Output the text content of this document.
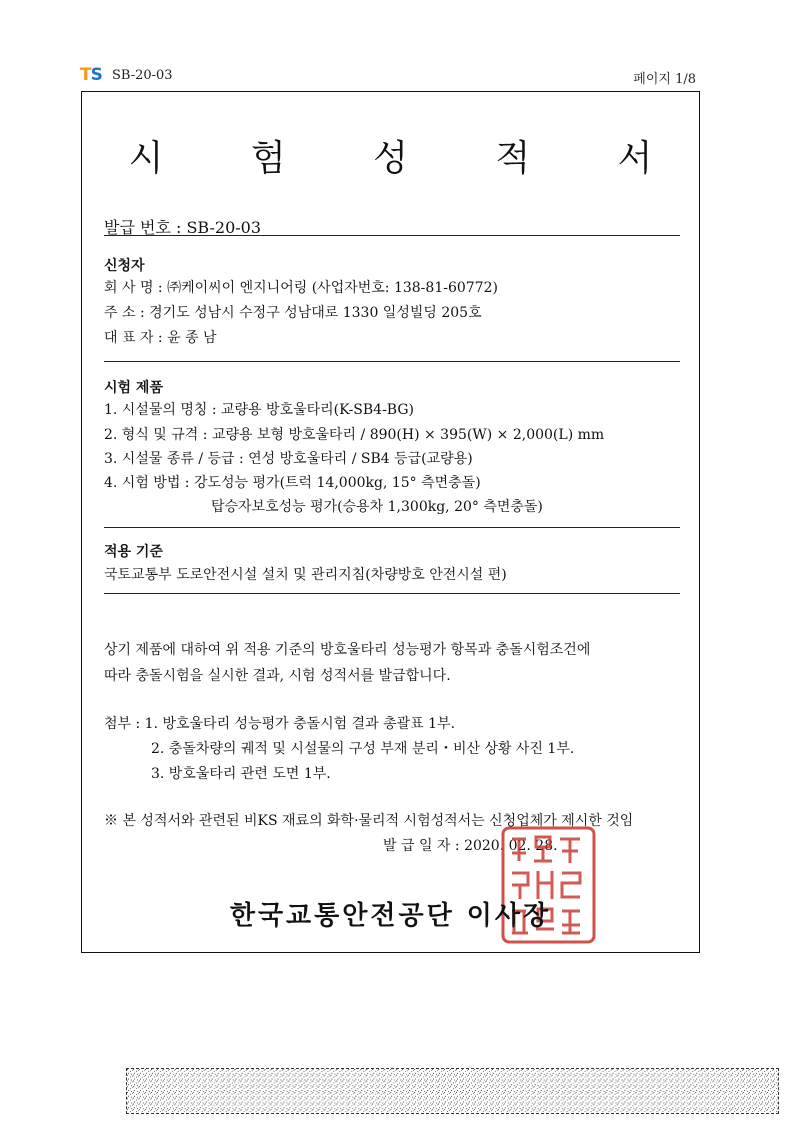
TS SB-20-03	페이지 1/8
시 험 성 적 서
발급 번호 : SB-20-03
신청자
회 사 명 : ㈜케이씨이 엔지니어링 (사업자번호: 138-81-60772)
주 소 : 경기도 성남시 수정구 성남대로 1330 일성빌딩 205호
대 표 자 : 윤 종 남
시험 제품
1. 시설물의 명칭 : 교량용 방호울타리(K-SB4-BG)
2. 형식 및 규격 : 교량용 보형 방호울타리 / 890(H) × 395(W) × 2,000(L) mm
3. 시설물 종류 / 등급 : 연성 방호울타리 / SB4 등급(교량용)
4. 시험 방법 : 강도성능 평가(트럭 14,000kg, 15° 측면충돌)
탑승자보호성능 평가(승용차 1,300kg, 20° 측면충돌)
적용 기준
국토교통부 도로안전시설 설치 및 관리지침(차량방호 안전시설 편)
상기 제품에 대하여 위 적용 기준의 방호울타리 성능평가 항목과 충돌시험조건에
따라 충돌시험을 실시한 결과, 시험 성적서를 발급합니다.
첨부 : 1. 방호울타리 성능평가 충돌시험 결과 총괄표 1부.
2. 충돌차량의 궤적 및 시설물의 구성 부재 분리・비산 상황 사진 1부.
3. 방호울타리 관련 도면 1부.
※ 본 성적서와 관련된 비KS 재료의 화학·물리적 시험성적서는 신청업체가 제시한 것임
발 급 일 자 : 2020. 02. 28.
한국교통안전공단 이사장
